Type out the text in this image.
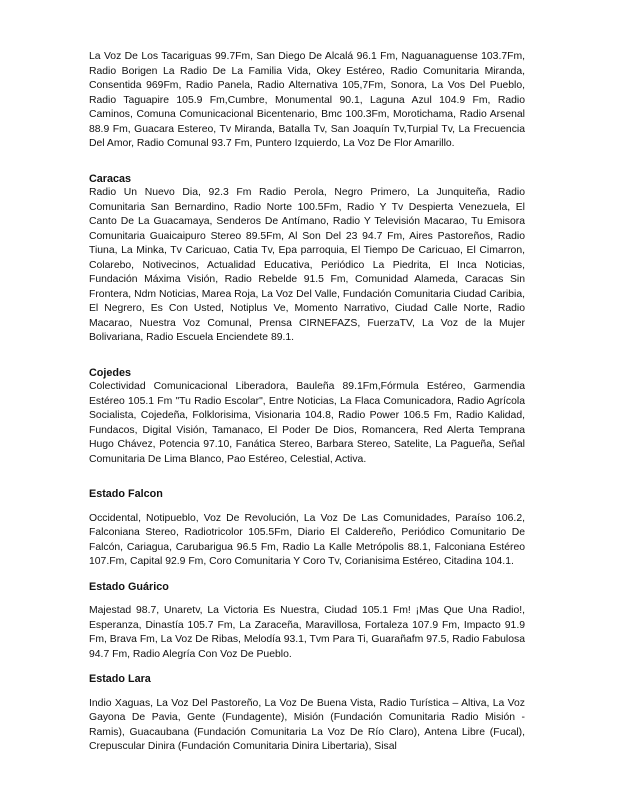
La Voz De Los Tacariguas 99.7Fm, San Diego De Alcalá 96.1 Fm, Naguanaguense 103.7Fm, Radio Borigen La Radio De La Familia Vida, Okey Estéreo, Radio Comunitaria Miranda, Consentida 969Fm, Radio Panela, Radio Alternativa 105,7Fm, Sonora, La Vos Del Pueblo, Radio Taguapire 105.9 Fm,Cumbre, Monumental 90.1, Laguna Azul 104.9 Fm, Radio Caminos, Comuna Comunicacional Bicentenario, Bmc 100.3Fm, Morotichama, Radio Arsenal 88.9 Fm, Guacara Estereo, Tv Miranda, Batalla Tv, San Joaquín Tv,Turpial Tv, La Frecuencia Del Amor, Radio Comunal 93.7 Fm, Puntero Izquierdo, La Voz De Flor Amarillo.

Caracas

Radio Un Nuevo Dia, 92.3 Fm Radio Perola, Negro Primero, La Junquiteña, Radio Comunitaria San Bernardino, Radio Norte 100.5Fm, Radio Y Tv Despierta Venezuela, El Canto De La Guacamaya, Senderos De Antímano, Radio Y Televisión Macarao, Tu Emisora Comunitaria Guaicaipuro Stereo 89.5Fm, Al Son Del 23 94.7 Fm, Aires Pastoreños, Radio Tiuna, La Minka, Tv Caricuao, Catia Tv, Epa parroquia, El Tiempo De Caricuao, El Cimarron, Colarebo, Notivecinos, Actualidad Educativa, Periódico La Piedrita, El Inca Noticias, Fundación Máxima Visión, Radio Rebelde 91.5 Fm, Comunidad Alameda, Caracas Sin Frontera, Ndm Noticias, Marea Roja, La Voz Del Valle, Fundación Comunitaria Ciudad Caribia, El Negrero, Es Con Usted, Notiplus Ve, Momento Narrativo, Ciudad Calle Norte, Radio Macarao, Nuestra Voz Comunal, Prensa CIRNEFAZS, FuerzaTV, La Voz de la Mujer Bolivariana, Radio Escuela Enciendete 89.1.

Cojedes

Colectividad Comunicacional Liberadora, Bauleña 89.1Fm,Fórmula Estéreo, Garmendia Estéreo 105.1 Fm "Tu Radio Escolar", Entre Noticias, La Flaca Comunicadora, Radio Agrícola Socialista, Cojedeña, Folklorisima, Visionaria 104.8, Radio Power 106.5 Fm, Radio Kalidad, Fundacos, Digital Visión, Tamanaco, El Poder De Dios, Romancera, Red Alerta Temprana Hugo Chávez, Potencia 97.10, Fanática Stereo, Barbara Stereo, Satelite, La Pagueña, Señal Comunitaria De Lima Blanco, Pao Estéreo, Celestial, Activa.

Estado Falcon

Occidental, Notipueblo, Voz De Revolución, La Voz De Las Comunidades, Paraíso 106.2, Falconiana Stereo, Radiotricolor 105.5Fm, Diario El Caldereño, Periódico Comunitario De Falcón, Cariagua, Carubarigua 96.5 Fm, Radio La Kalle Metrópolis 88.1, Falconiana Estéreo 107.Fm, Capital 92.9 Fm, Coro Comunitaria Y Coro Tv, Corianisima Estéreo, Citadina 104.1.

Estado Guárico

Majestad 98.7, Unaretv, La Victoria Es Nuestra, Ciudad 105.1 Fm! ¡Mas Que Una Radio!, Esperanza, Dinastía 105.7 Fm, La Zaraceña, Maravillosa, Fortaleza 107.9 Fm, Impacto 91.9 Fm, Brava Fm, La Voz De Ribas, Melodía 93.1, Tvm Para Ti, Guarañafm 97.5, Radio Fabulosa 94.7 Fm, Radio Alegría Con Voz De Pueblo.

Estado Lara

Indio Xaguas, La Voz Del Pastoreño, La Voz De Buena Vista, Radio Turística – Altiva, La Voz Gayona De Pavia, Gente (Fundagente), Misión (Fundación Comunitaria Radio Misión - Ramis), Guacaubana (Fundación Comunitaria La Voz De Río Claro), Antena Libre (Fucal), Crepuscular Dinira (Fundación Comunitaria Dinira Libertaria), Sisal
